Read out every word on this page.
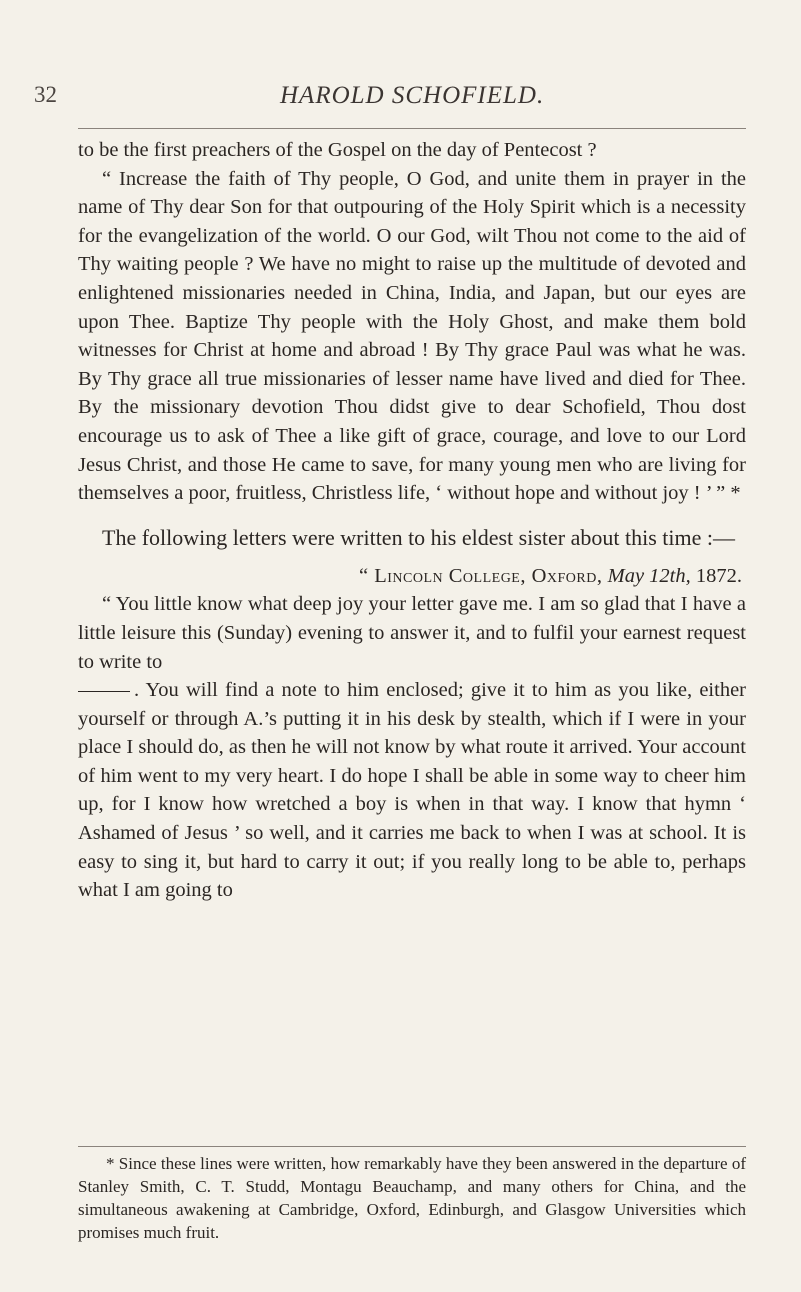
32	HAROLD SCHOFIELD.

to be the first preachers of the Gospel on the day of Pentecost ?

“ Increase the faith of Thy people, O God, and unite them in prayer in the name of Thy dear Son for that outpouring of the Holy Spirit which is a necessity for the evangelization of the world. O our God, wilt Thou not come to the aid of Thy waiting people ? We have no might to raise up the multitude of devoted and enlightened missionaries needed in China, India, and Japan, but our eyes are upon Thee. Baptize Thy people with the Holy Ghost, and make them bold witnesses for Christ at home and abroad ! By Thy grace Paul was what he was. By Thy grace all true missionaries of lesser name have lived and died for Thee. By the missionary devotion Thou didst give to dear Schofield, Thou dost encourage us to ask of Thee a like gift of grace, courage, and love to our Lord Jesus Christ, and those He came to save, for many young men who are living for themselves a poor, fruitless, Christless life, ‘ without hope and without joy ! ’ ” *

The following letters were written to his eldest sister about this time :—

“ Lincoln College, Oxford, May 12th, 1872.

“ You little know what deep joy your letter gave me. I am so glad that I have a little leisure this (Sunday) evening to answer it, and to fulfil your earnest request to write to
. You will find a note to him enclosed; give it to him as you like, either yourself or through A.’s putting it in his desk by stealth, which if I were in your place I should do, as then he will not know by what route it arrived. Your account of him went to my very heart. I do hope I shall be able in some way to cheer him up, for I know how wretched a boy is when in that way. I know that hymn ‘ Ashamed of Jesus ’ so well, and it carries me back to when I was at school. It is easy to sing it, but hard to carry it out; if you really long to be able to, perhaps what I am going to

* Since these lines were written, how remarkably have they been answered in the departure of Stanley Smith, C. T. Studd, Montagu Beauchamp, and many others for China, and the simultaneous awakening at Cambridge, Oxford, Edinburgh, and Glasgow Universities which promises much fruit.
